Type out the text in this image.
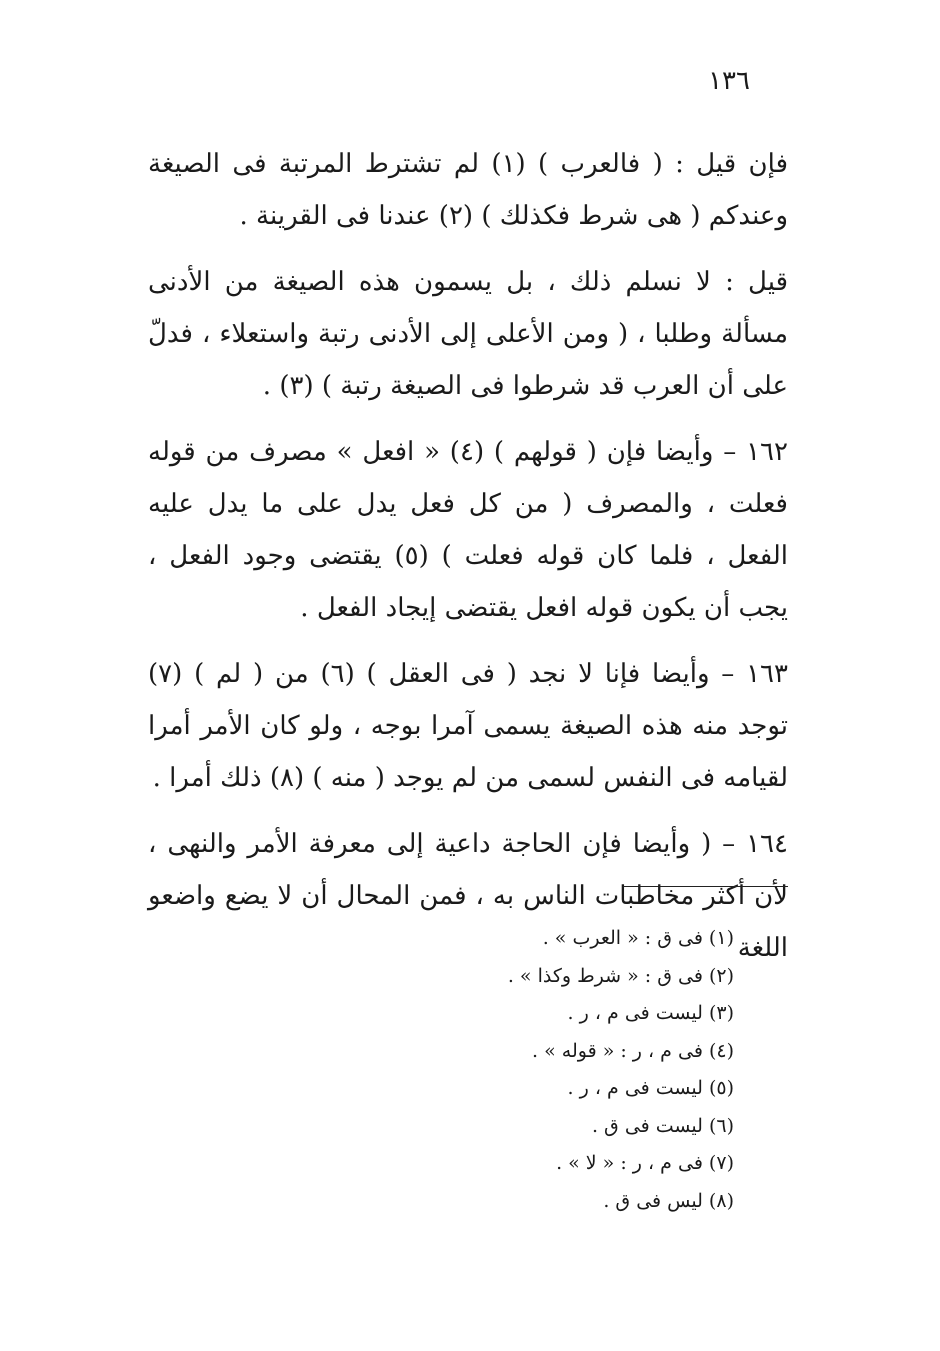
١٣٦

فإن قيل : ( فالعرب ) (١) لم تشترط المرتبة فى الصيغة وعندكم ( هى شرط فكذلك ) (٢) عندنا فى القرينة .

قيل : لا نسلم ذلك ، بل يسمون هذه الصيغة من الأدنى مسألة وطلبا ، ( ومن الأعلى إلى الأدنى رتبة واستعلاء ، فدلّ على أن العرب قد شرطوا فى الصيغة رتبة ) (٣) .

١٦٢ – وأيضا فإن ( قولهم ) (٤) « افعل » مصرف من قوله فعلت ، والمصرف ( من كل فعل يدل على ما يدل عليه الفعل ، فلما كان قوله فعلت ) (٥) يقتضى وجود الفعل ، يجب أن يكون قوله افعل يقتضى إيجاد الفعل .

١٦٣ – وأيضا فإنا لا نجد ( فى العقل ) (٦) من ( لم ) (٧) توجد منه هذه الصيغة يسمى آمرا بوجه ، ولو كان الأمر أمرا لقيامه فى النفس لسمى من لم يوجد ( منه ) (٨) ذلك أمرا .

١٦٤ – ( وأيضا فإن الحاجة داعية إلى معرفة الأمر والنهى ، لأن أكثر مخاطبات الناس به ، فمن المحال أن لا يضع واضعو اللغة

(١) فى ق : « العرب » .
(٢) فى ق : « شرط وكذا » .
(٣) ليست فى م ، ر .
(٤) فى م ، ر : « قوله » .
(٥) ليست فى م ، ر .
(٦) ليست فى ق .
(٧) فى م ، ر : « لا » .
(٨) ليس فى ق .
